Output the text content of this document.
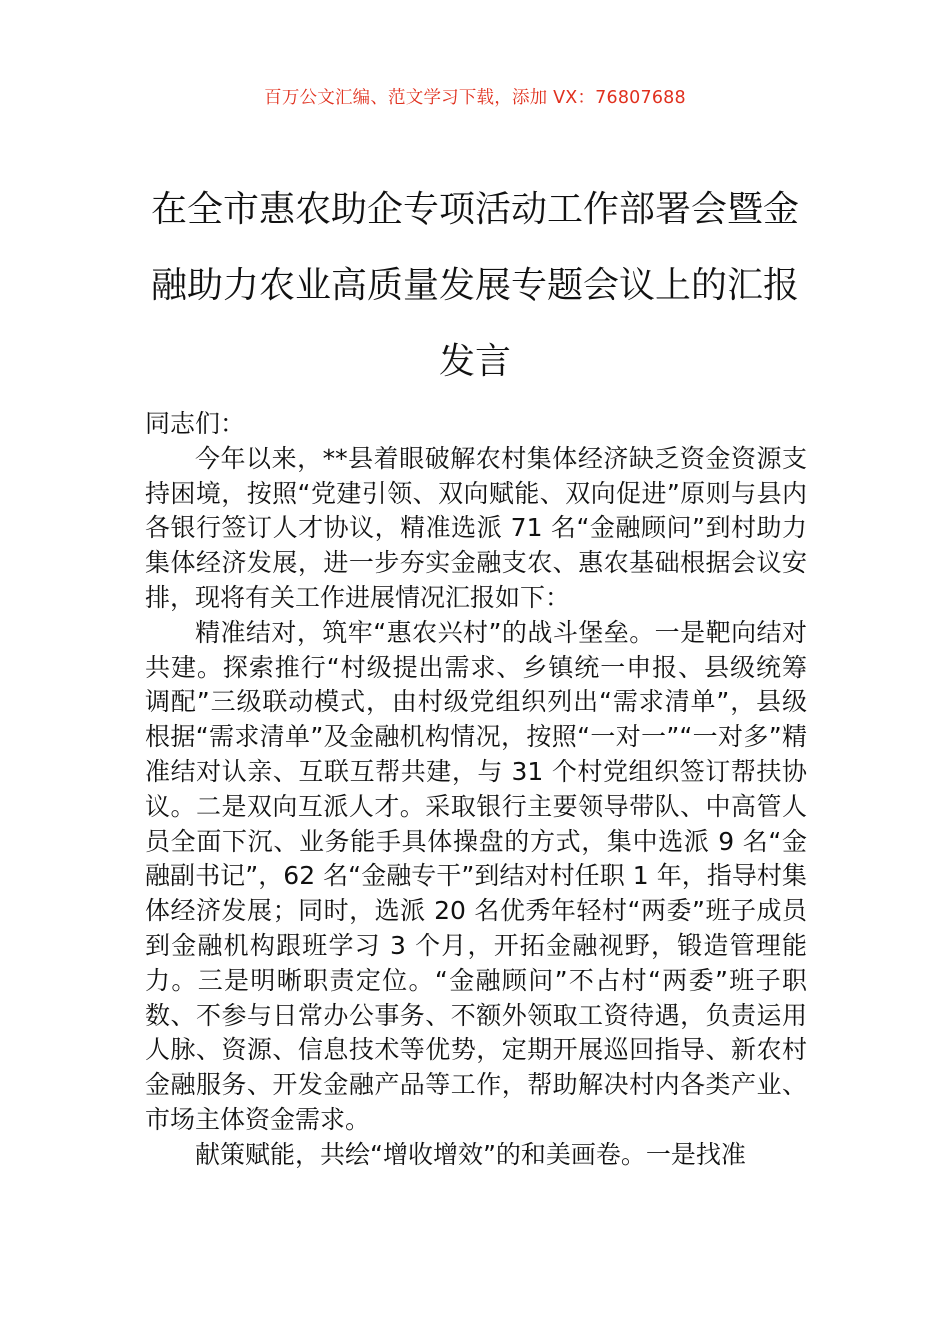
百万公文汇编、范文学习下载，添加 VX：76807688
在全市惠农助企专项活动工作部署会暨金融助力农业高质量发展专题会议上的汇报发言

同志们：

今年以来，**县着眼破解农村集体经济缺乏资金资源支持困境，按照“党建引领、双向赋能、双向促进”原则与县内各银行签订人才协议，精准选派 71 名“金融顾问”到村助力集体经济发展，进一步夯实金融支农、惠农基础根据会议安排，现将有关工作进展情况汇报如下：

精准结对，筑牢“惠农兴村”的战斗堡垒。一是靶向结对共建。探索推行“村级提出需求、乡镇统一申报、县级统筹调配”三级联动模式，由村级党组织列出“需求清单”，县级根据“需求清单”及金融机构情况，按照“一对一”“一对多”精准结对认亲、互联互帮共建，与 31 个村党组织签订帮扶协议。二是双向互派人才。采取银行主要领导带队、中高管人员全面下沉、业务能手具体操盘的方式，集中选派 9 名“金融副书记”，62 名“金融专干”到结对村任职 1 年，指导村集体经济发展；同时，选派 20 名优秀年轻村“两委”班子成员到金融机构跟班学习 3 个月，开拓金融视野，锻造管理能力。三是明晰职责定位。“金融顾问”不占村“两委”班子职数、不参与日常办公事务、不额外领取工资待遇，负责运用人脉、资源、信息技术等优势，定期开展巡回指导、新农村金融服务、开发金融产品等工作，帮助解决村内各类产业、市场主体资金需求。

献策赋能，共绘“增收增效”的和美画卷。一是找准
